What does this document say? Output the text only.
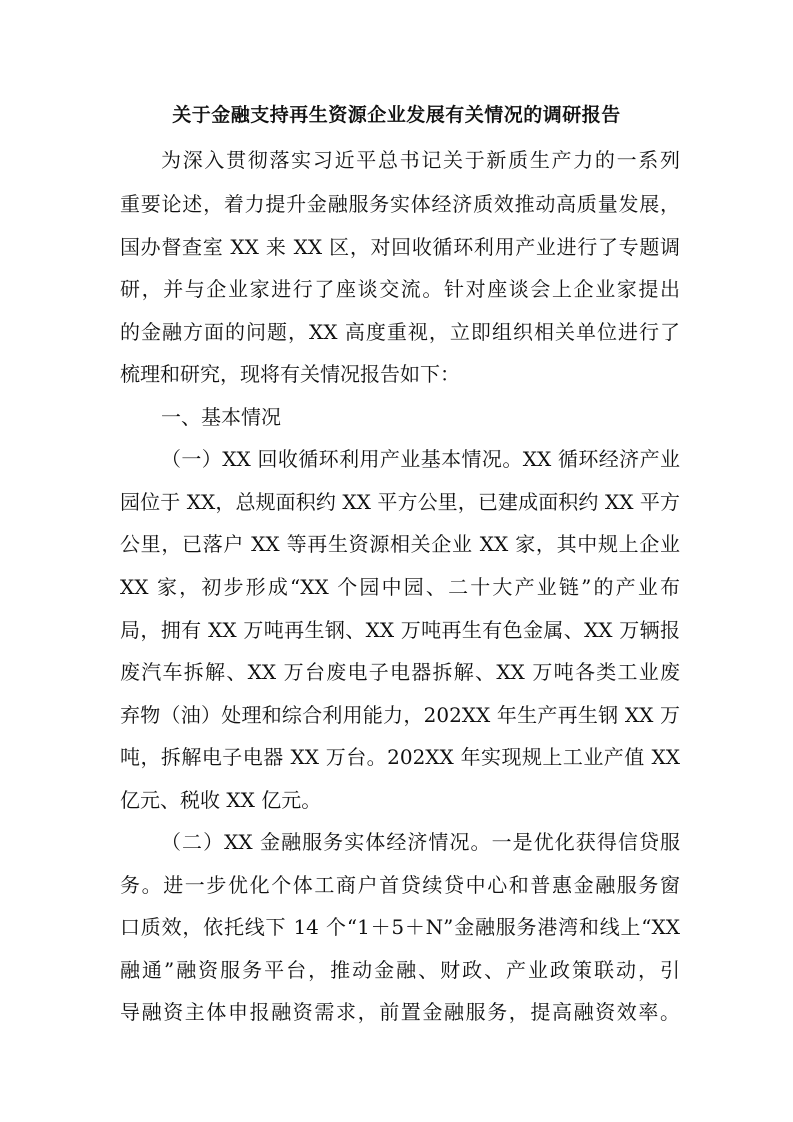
关于金融支持再生资源企业发展有关情况的调研报告
为深入贯彻落实习近平总书记关于新质生产力的一系列
重要论述，着力提升金融服务实体经济质效推动高质量发展，
国办督查室 XX 来 XX 区，对回收循环利用产业进行了专题调
研，并与企业家进行了座谈交流。针对座谈会上企业家提出
的金融方面的问题，XX 高度重视，立即组织相关单位进行了
梳理和研究，现将有关情况报告如下：
一、基本情况
（一）XX 回收循环利用产业基本情况。XX 循环经济产业
园位于 XX，总规面积约 XX 平方公里，已建成面积约 XX 平方
公里，已落户 XX 等再生资源相关企业 XX 家，其中规上企业
XX 家，初步形成“XX 个园中园、二十大产业链”的产业布
局，拥有 XX 万吨再生钢、XX 万吨再生有色金属、XX 万辆报
废汽车拆解、XX 万台废电子电器拆解、XX 万吨各类工业废
弃物（油）处理和综合利用能力，202XX 年生产再生钢 XX 万
吨，拆解电子电器 XX 万台。202XX 年实现规上工业产值 XX
亿元、税收 XX 亿元。
（二）XX 金融服务实体经济情况。一是优化获得信贷服
务。进一步优化个体工商户首贷续贷中心和普惠金融服务窗
口质效，依托线下 14 个“1＋5＋N”金融服务港湾和线上“XX
融通”融资服务平台，推动金融、财政、产业政策联动，引
导融资主体申报融资需求，前置金融服务，提高融资效率。
